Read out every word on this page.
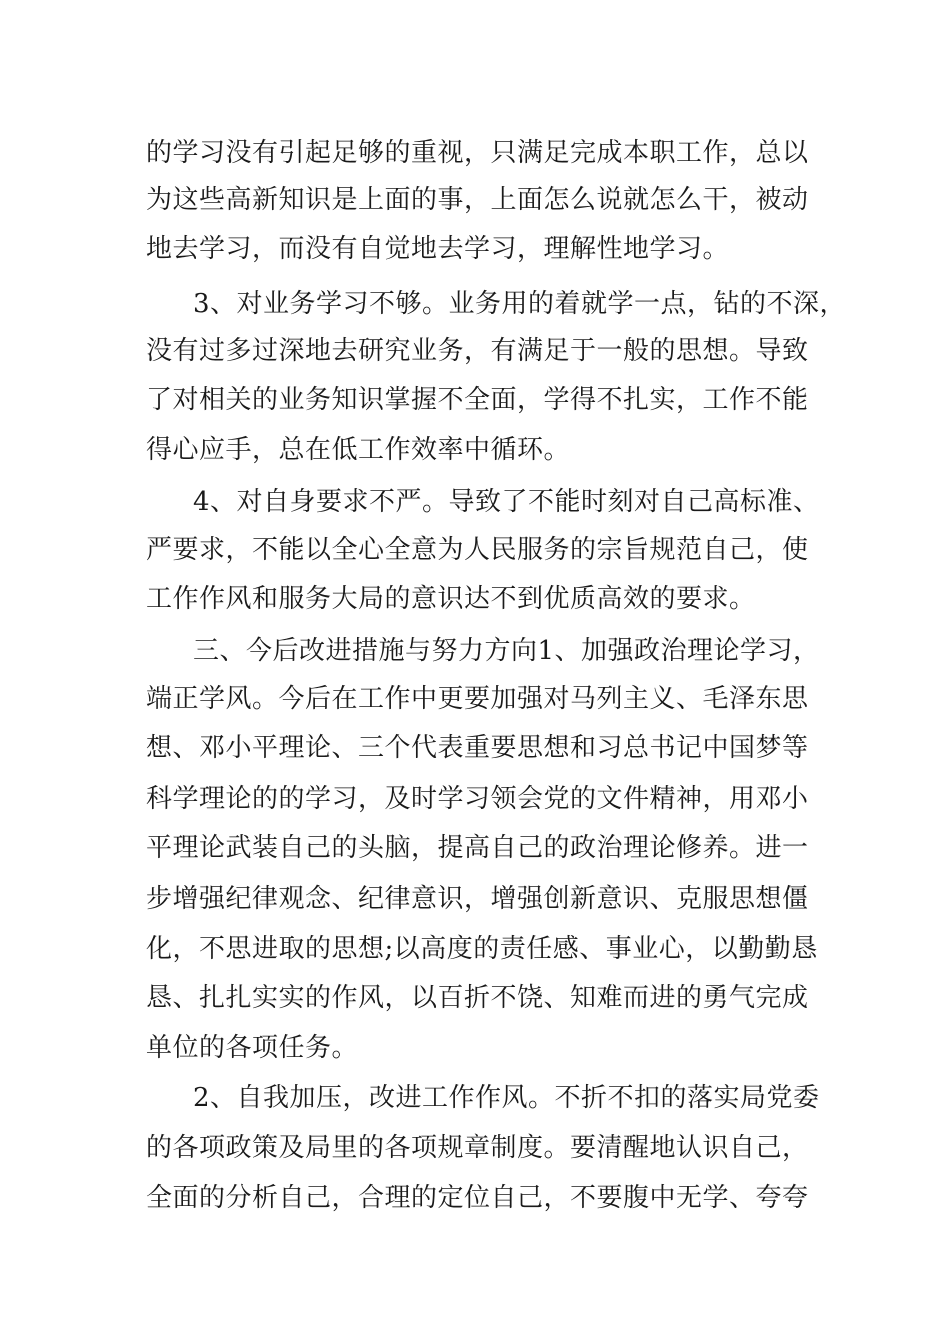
的学习没有引起足够的重视，只满足完成本职工作，总以
为这些高新知识是上面的事，上面怎么说就怎么干，被动
地去学习，而没有自觉地去学习，理解性地学习。
3、对业务学习不够。业务用的着就学一点，钻的不深，
没有过多过深地去研究业务，有满足于一般的思想。导致
了对相关的业务知识掌握不全面，学得不扎实，工作不能
得心应手，总在低工作效率中循环。
4、对自身要求不严。导致了不能时刻对自己高标准、
严要求，不能以全心全意为人民服务的宗旨规范自己，使
工作作风和服务大局的意识达不到优质高效的要求。
三、今后改进措施与努力方向1、加强政治理论学习，
端正学风。今后在工作中更要加强对马列主义、毛泽东思
想、邓小平理论、三个代表重要思想和习总书记中国梦等
科学理论的的学习，及时学习领会党的文件精神，用邓小
平理论武装自己的头脑，提高自己的政治理论修养。进一
步增强纪律观念、纪律意识，增强创新意识、克服思想僵
化，不思进取的思想;以高度的责任感、事业心，以勤勤恳
恳、扎扎实实的作风，以百折不饶、知难而进的勇气完成
单位的各项任务。
2、自我加压，改进工作作风。不折不扣的落实局党委
的各项政策及局里的各项规章制度。要清醒地认识自己，
全面的分析自己，合理的定位自己，不要腹中无学、夸夸
